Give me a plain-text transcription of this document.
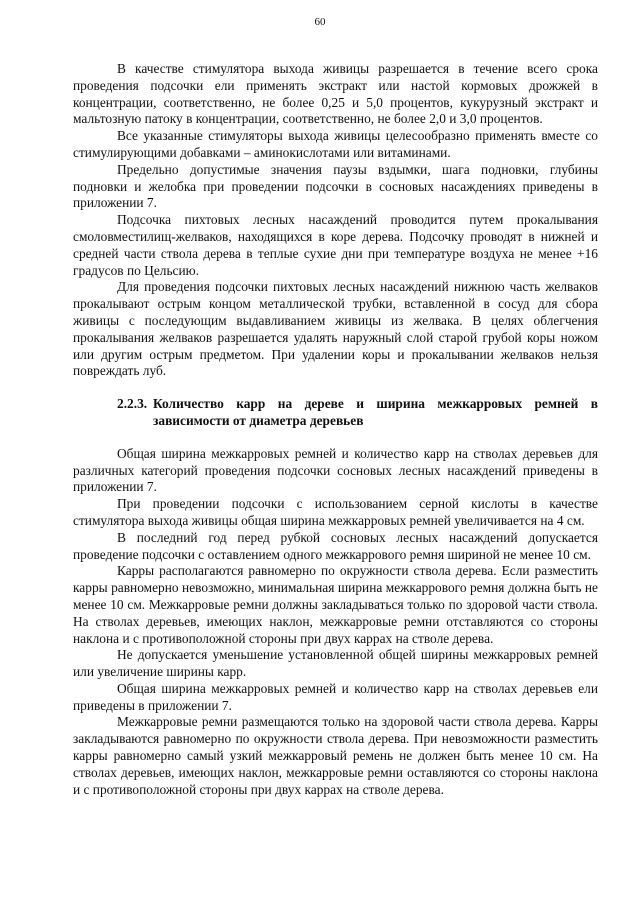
60

В качестве стимулятора выхода живицы разрешается в течение всего срока проведения подсочки ели применять экстракт или настой кормовых дрожжей в концентрации, соответственно, не более 0,25 и 5,0 процентов, кукурузный экстракт и мальтозную патоку в концентрации, соответственно, не более 2,0 и 3,0 процентов.

Все указанные стимуляторы выхода живицы целесообразно применять вместе со стимулирующими добавками – аминокислотами или витаминами.

Предельно допустимые значения паузы вздымки, шага подновки, глубины подновки и желобка при проведении подсочки в сосновых насаждениях приведены в приложении 7.

Подсочка пихтовых лесных насаждений проводится путем прокалывания смоловместилищ-желваков, находящихся в коре дерева. Подсочку проводят в нижней и средней части ствола дерева в теплые сухие дни при температуре воздуха не менее +16 градусов по Цельсию.

Для проведения подсочки пихтовых лесных насаждений нижнюю часть желваков прокалывают острым концом металлической трубки, вставленной в сосуд для сбора живицы с последующим выдавливанием живицы из желвака. В целях облегчения прокалывания желваков разрешается удалять наружный слой старой грубой коры ножом или другим острым предметом. При удалении коры и прокалывании желваков нельзя повреждать луб.

2.2.3. Количество карр на дереве и ширина межкарровых ремней в
зависимости от диаметра деревьев

Общая ширина межкарровых ремней и количество карр на стволах деревьев для различных категорий проведения подсочки сосновых лесных насаждений приведены в приложении 7.

При проведении подсочки с использованием серной кислоты в качестве стимулятора выхода живицы общая ширина межкарровых ремней увеличивается на 4 см.

В последний год перед рубкой сосновых лесных насаждений допускается проведение подсочки с оставлением одного межкаррового ремня шириной не менее 10 см.

Карры располагаются равномерно по окружности ствола дерева. Если разместить карры равномерно невозможно, минимальная ширина межкаррового ремня должна быть не менее 10 см. Межкарровые ремни должны закладываться только по здоровой части ствола. На стволах деревьев, имеющих наклон, межкарровые ремни отставляются со стороны наклона и с противоположной стороны при двух каррах на стволе дерева.

Не допускается уменьшение установленной общей ширины межкарровых ремней или увеличение ширины карр.

Общая ширина межкарровых ремней и количество карр на стволах деревьев ели приведены в приложении 7.

Межкарровые ремни размещаются только на здоровой части ствола дерева. Карры закладываются равномерно по окружности ствола дерева. При невозможности разместить карры равномерно самый узкий межкарровый ремень не должен быть менее 10 см. На стволах деревьев, имеющих наклон, межкарровые ремни оставляются со стороны наклона и с противоположной стороны при двух каррах на стволе дерева.
